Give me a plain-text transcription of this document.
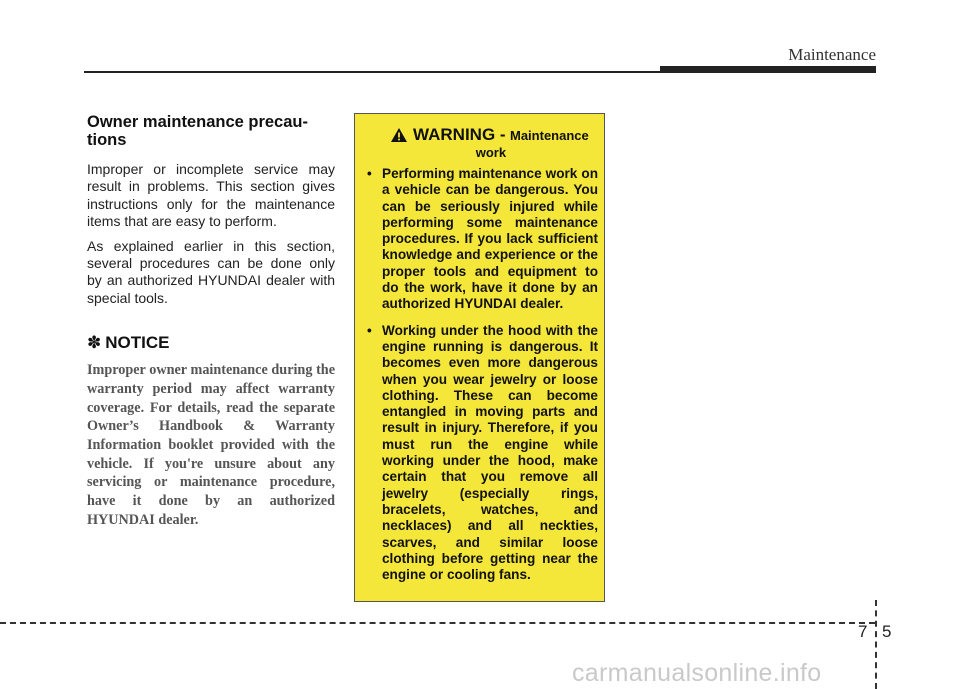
Maintenance
Owner maintenance precau-tions

Improper or incomplete service may result in problems. This section gives instructions only for the maintenance items that are easy to perform.

As explained earlier in this section, several procedures can be done only by an authorized HYUNDAI dealer with special tools.

✽ NOTICE

Improper owner maintenance during the warranty period may affect warranty coverage. For details, read the separate Owner’s Handbook & Warranty Information booklet provided with the vehicle. If you're unsure about any servicing or maintenance procedure, have it done by an authorized HYUNDAI dealer.

WARNING - Maintenance
work
• Performing maintenance work on a vehicle can be dangerous. You can be seriously injured while performing some maintenance procedures. If you lack sufficient knowledge and experience or the proper tools and equipment to do the work, have it done by an authorized HYUNDAI dealer.
• Working under the hood with the engine running is dangerous. It becomes even more dangerous when you wear jewelry or loose clothing. These can become entangled in moving parts and result in injury. Therefore, if you must run the engine while working under the hood, make certain that you remove all jewelry (especially rings, bracelets, watches, and necklaces) and all neckties, scarves, and similar loose clothing before getting near the engine or cooling fans.
7 5
carmanualsonline.info
